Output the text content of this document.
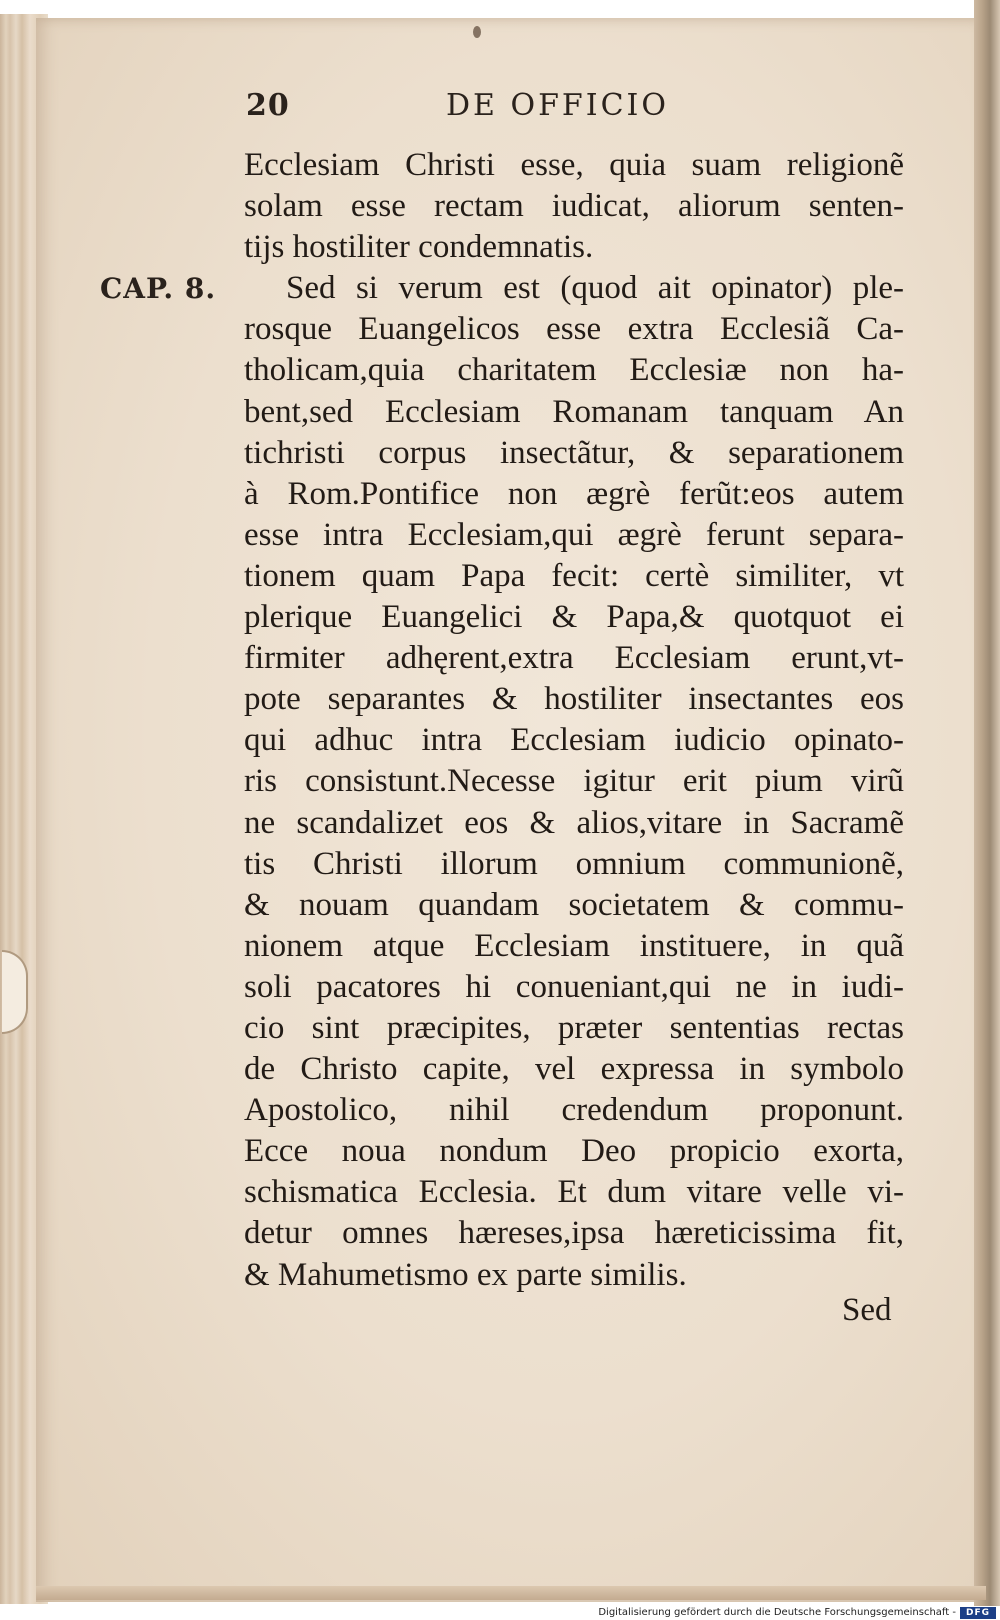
20	DE OFFICIO
CAP. 8.
Ecclesiam Christi esse, quia suam religionẽ
solam esse rectam iudicat, aliorum senten-
tijs hostiliter condemnatis.
Sed si verum est (quod ait opinator) ple-
rosque Euangelicos esse extra Ecclesiã Ca-
tholicam,quia charitatem Ecclesiæ non ha-
bent,sed Ecclesiam Romanam tanquam An
tichristi corpus insectãtur, & separationem
à Rom.Pontifice non ægrè ferũt:eos autem
esse intra Ecclesiam,qui ægrè ferunt separa-
tionem quam Papa fecit: certè similiter, vt
plerique Euangelici & Papa,& quotquot ei
firmiter adhęrent,extra Ecclesiam erunt,vt-
pote separantes & hostiliter insectantes eos
qui adhuc intra Ecclesiam iudicio opinato-
ris consistunt.Necesse igitur erit pium virũ
ne scandalizet eos & alios,vitare in Sacramẽ
tis Christi illorum omnium communionẽ,
& nouam quandam societatem & commu-
nionem atque Ecclesiam instituere, in quã
soli pacatores hi conueniant,qui ne in iudi-
cio sint præcipites, præter sententias rectas
de Christo capite, vel expressa in symbolo
Apostolico, nihil credendum proponunt.
Ecce noua nondum Deo propicio exorta,
schismatica Ecclesia. Et dum vitare velle vi-
detur omnes hæreses,ipsa hæreticissima fit,
& Mahumetismo ex parte similis.
Sed
Digitalisierung gefördert durch die Deutsche Forschungsgemeinschaft -	DFG
